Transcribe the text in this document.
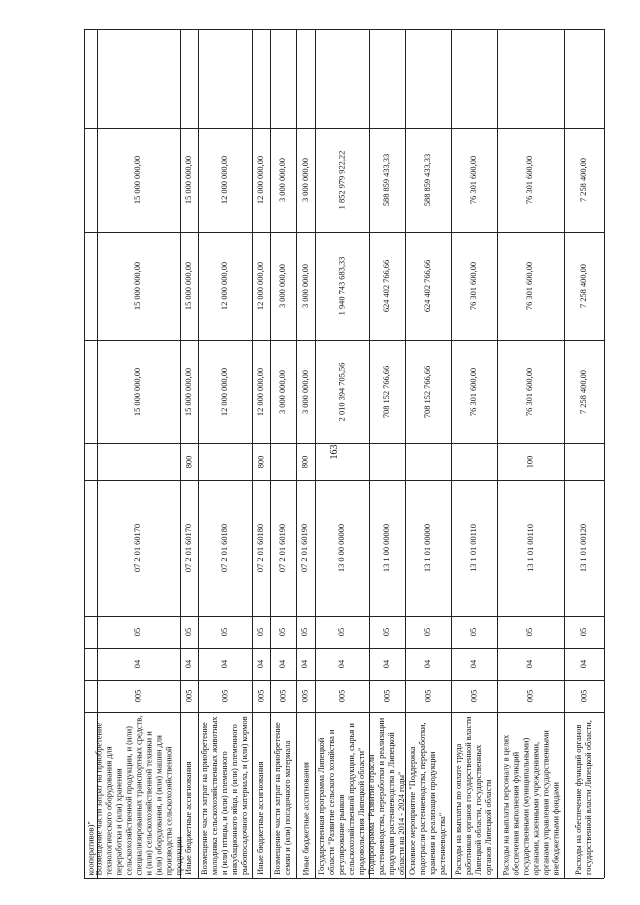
163
кооперативов)" Возмещение части затрат на приобретение технологического оборудования для переработки и (или) хранения сельскохозяйственной продукции, и (или) специализированных транспортных средств, и (или) сельскохозяйственной техники и (или) оборудования, и (или) машин для производства сельскохозяйственной продукции
005
04
05
07 2 01 60170
15 000 000,00
15 000 000,00
15 000 000,00
Иные бюджетные ассигнования
005
04
05
07 2 01 60170
800
15 000 000,00
15 000 000,00
15 000 000,00
Возмещение части затрат на приобретение молодняка сельскохозяйственных животных и (или) птицы, и (или) племенного инкубационного яйца, и (или) племенного рыбопосадочного материала, и (или) кормов
005
04
05
07 2 01 60180
12 000 000,00
12 000 000,00
12 000 000,00
Иные бюджетные ассигнования
005
04
05
07 2 01 60180
800
12 000 000,00
12 000 000,00
12 000 000,00
Возмещение части затрат на приобретение семян и (или) посадочного материала
005
04
05
07 2 01 60190
3 000 000,00
3 000 000,00
3 000 000,00
Иные бюджетные ассигнования
005
04
05
07 2 01 60190
800
3 000 000,00
3 000 000,00
3 000 000,00
Государственная программа Липецкой области "Развитие сельского хозяйства и регулирование рынков сельскохозяйственной продукции, сырья и продовольствия Липецкой области"
005
04
05
13 0 00 00000
2 010 394 705,56
1 940 743 683,33
1 852 979 922,22
Подпрограмма "Развитие отрасли растениеводства, переработки и реализации продукции растениеводства в Липецкой области на 2014 - 2024 годы"
005
04
05
13 1 00 00000
708 152 766,66
624 402 766,66
588 859 433,33
Основное мероприятие "Поддержка подотрасли растениеводства, переработки, хранения и реализации продукции растениеводства"
005
04
05
13 1 01 00000
708 152 766,66
624 402 766,66
588 859 433,33
Расходы на выплаты по оплате труда работников органов государственной власти Липецкой области, государственных органов Липецкой области
005
04
05
13 1 01 00110
76 301 600,00
76 301 600,00
76 301 600,00
Расходы на выплаты персоналу в целях обеспечения выполнения функций государственными (муниципальными) органами, казенными учреждениями, органами управления государственными внебюджетными фондами
005
04
05
13 1 01 00110
100
76 301 600,00
76 301 600,00
76 301 600,00
Расходы на обеспечение функций органов государственной власти Липецкой области,
005
04
05
13 1 01 00120
7 258 400,00
7 258 400,00
7 258 400,00
